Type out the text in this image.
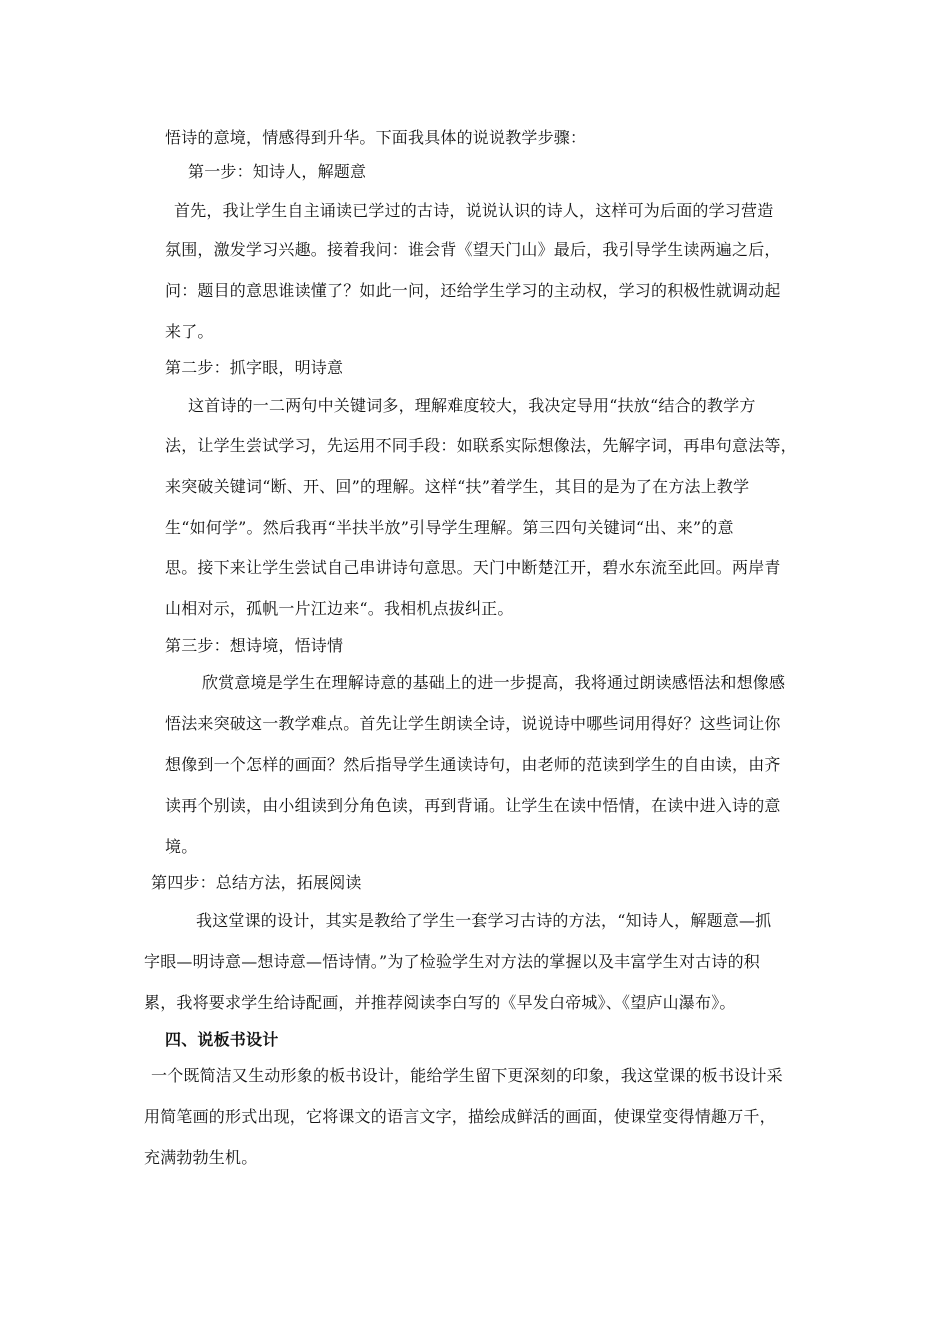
悟诗的意境，情感得到升华。下面我具体的说说教学步骤：
第一步：知诗人，解题意
首先，我让学生自主诵读已学过的古诗，说说认识的诗人，这样可为后面的学习营造
氛围，激发学习兴趣。接着我问：谁会背《望天门山》最后，我引导学生读两遍之后，
问：题目的意思谁读懂了？如此一问，还给学生学习的主动权，学习的积极性就调动起
来了。
第二步：抓字眼，明诗意
这首诗的一二两句中关键词多，理解难度较大，我决定导用“扶放“结合的教学方
法，让学生尝试学习，先运用不同手段：如联系实际想像法，先解字词，再串句意法等，
来突破关键词“断、开、回”的理解。这样“扶”着学生，其目的是为了在方法上教学
生“如何学”。然后我再“半扶半放”引导学生理解。第三四句关键词“出、来”的意
思。接下来让学生尝试自己串讲诗句意思。天门中断楚江开，碧水东流至此回。两岸青
山相对示，孤帆一片江边来“。我相机点拔纠正。
第三步：想诗境，悟诗情
欣赏意境是学生在理解诗意的基础上的进一步提高，我将通过朗读感悟法和想像感
悟法来突破这一教学难点。首先让学生朗读全诗，说说诗中哪些词用得好？这些词让你
想像到一个怎样的画面？然后指导学生通读诗句，由老师的范读到学生的自由读，由齐
读再个别读，由小组读到分角色读，再到背诵。让学生在读中悟情，在读中进入诗的意
境。
第四步：总结方法，拓展阅读
我这堂课的设计，其实是教给了学生一套学习古诗的方法，“知诗人，解题意—抓
字眼—明诗意—想诗意—悟诗情。”为了检验学生对方法的掌握以及丰富学生对古诗的积
累，我将要求学生给诗配画，并推荐阅读李白写的《早发白帝城》、《望庐山瀑布》。
四、说板书设计
一个既简洁又生动形象的板书设计，能给学生留下更深刻的印象，我这堂课的板书设计采
用简笔画的形式出现，它将课文的语言文字，描绘成鲜活的画面，使课堂变得情趣万千，
充满勃勃生机。
